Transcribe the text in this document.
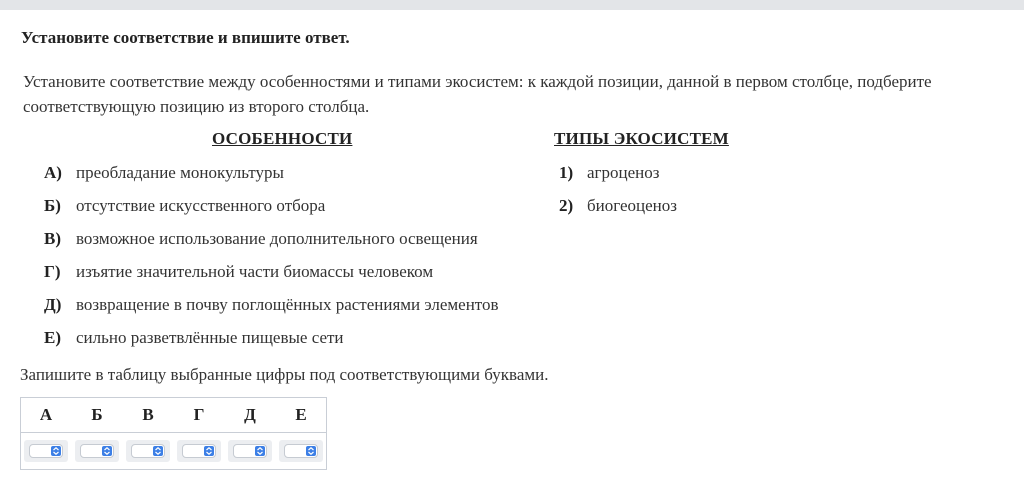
Установите соответствие и впишите ответ.
Установите соответствие между особенностями и типами экосистем: к каждой позиции, данной в первом столбце, подберите соответствующую позицию из второго столбца.
ОСОБЕННОСТИ	ТИПЫ ЭКОСИСТЕМ
А) преобладание монокультуры
Б) отсутствие искусственного отбора
В) возможное использование дополнительного освещения
Г) изъятие значительной части биомассы человеком
Д) возвращение в почву поглощённых растениями элементов
Е) сильно разветвлённые пищевые сети
1) агроценоз
2) биогеоценоз
Запишите в таблицу выбранные цифры под соответствующими буквами.
А	Б	В	Г	Д	Е
